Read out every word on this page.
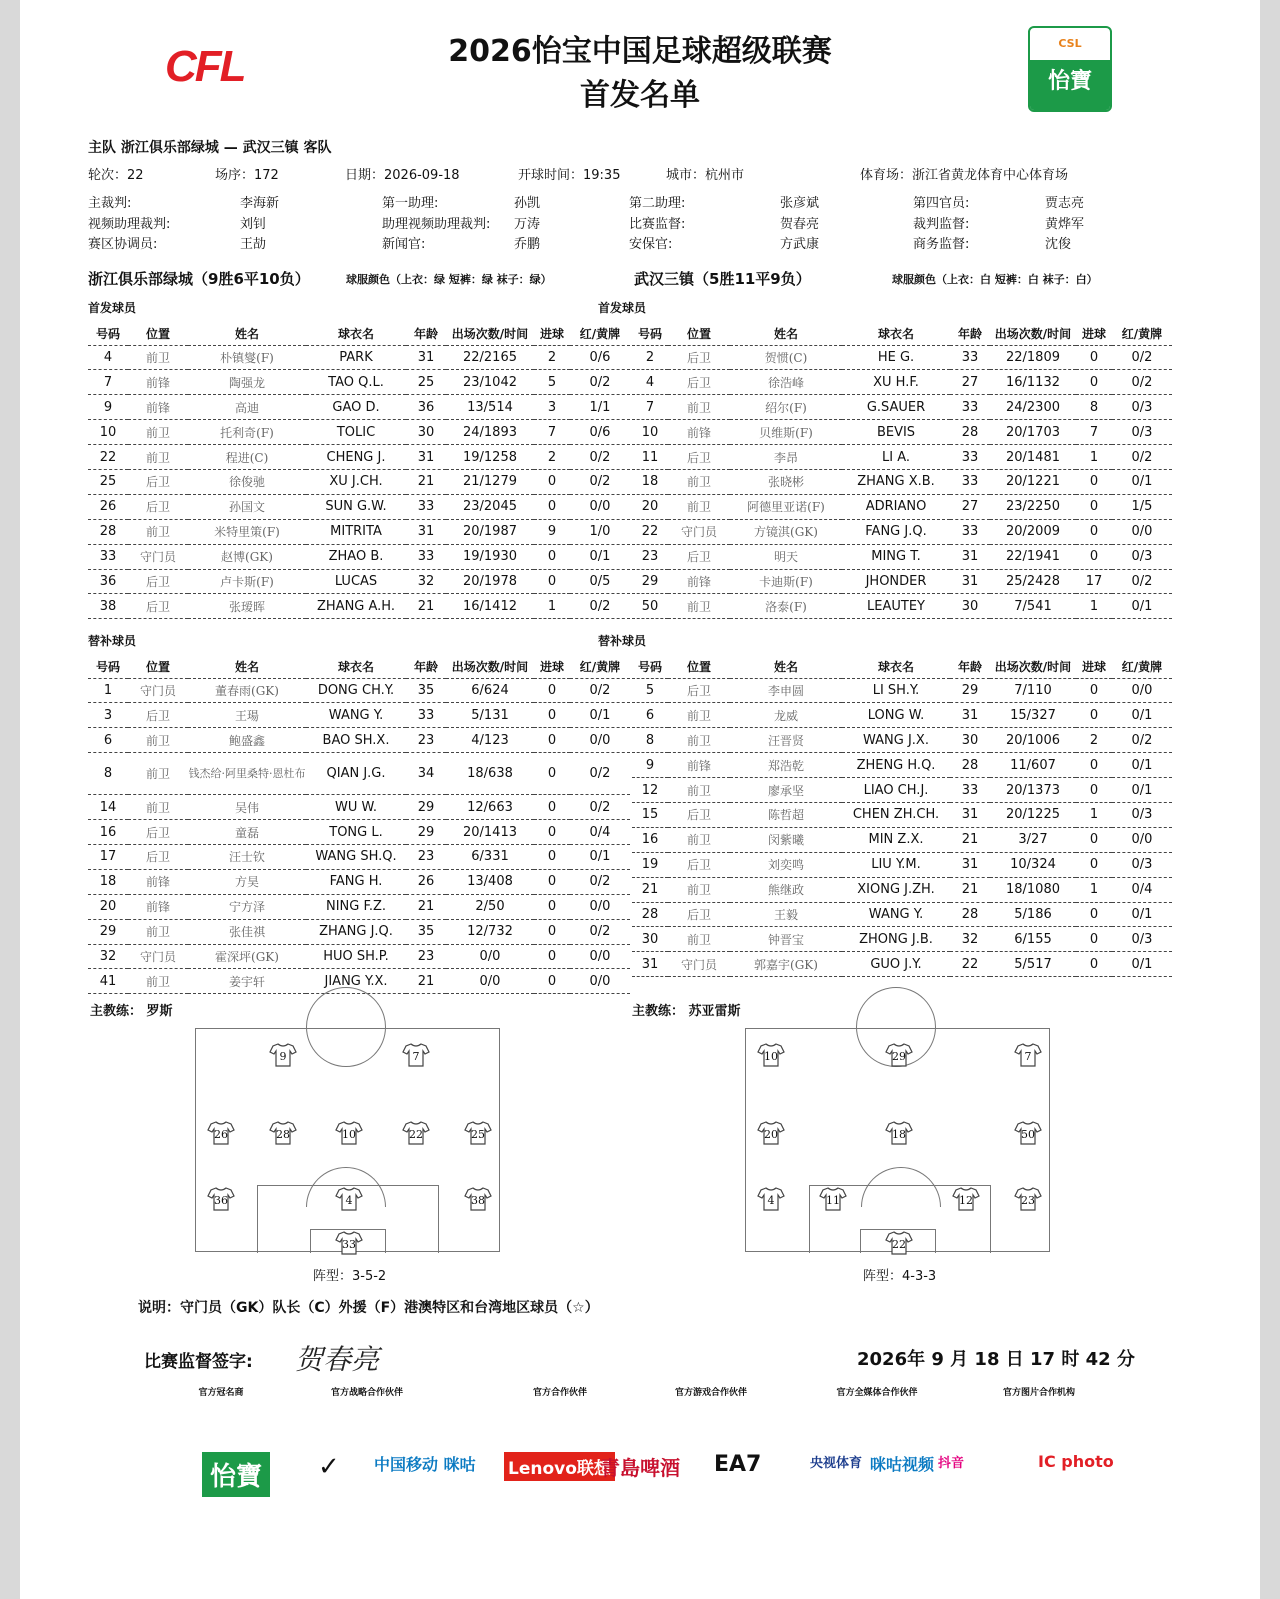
CFL	2026怡宝中国足球超级联赛
首发名单
CSL
怡寶
主队 浙江俱乐部绿城 — 武汉三镇 客队
轮次：22	场序：172	日期：2026-09-18	开球时间：19:35	城市：杭州市	体育场：浙江省黄龙体育中心体育场
主裁判:	李海新	第一助理:	孙凯	第二助理:	张彦斌	第四官员:	贾志亮
视频助理裁判:	刘钊	助理视频助理裁判: 万涛	比赛监督:	贺春亮	裁判监督:	黄烨军
赛区协调员:	王劼	新闻官:	乔鹏	安保官:	方武康	商务监督:	沈俊
浙江俱乐部绿城（9胜6平10负）	球服颜色（上衣：绿 短裤：绿 袜子：绿）	武汉三镇（5胜11平9负）	球服颜色（上衣：白 短裤：白 袜子：白）
首发球员	首发球员
号码	位置	姓名	球衣名	年龄	出场次数/时间	进球	红/黄牌
4	前卫	朴镇燮(F)	PARK	31	22/2165	2	0/6
7	前锋	陶强龙	TAO Q.L.	25	23/1042	5	0/2
9	前锋	高迪	GAO D.	36	13/514	3	1/1
10	前卫	托利奇(F)	TOLIC	30	24/1893	7	0/6
22	前卫	程进(C)	CHENG J.	31	19/1258	2	0/2
25	后卫	徐俊驰	XU J.CH.	21	21/1279	0	0/2
26	后卫	孙国文	SUN G.W.	33	23/2045	0	0/0
28	前卫	米特里策(F)	MITRITA	31	20/1987	9	1/0
33	守门员	赵博(GK)	ZHAO B.	33	19/1930	0	0/1
36	后卫	卢卡斯(F)	LUCAS	32	20/1978	0	0/5
38	后卫	张瑷晖	ZHANG A.H.	21	16/1412	1	0/2
号码	位置	姓名	球衣名	年龄	出场次数/时间	进球	红/黄牌
2	后卫	贺惯(C)	HE G.	33	22/1809	0	0/2
4	后卫	徐浩峰	XU H.F.	27	16/1132	0	0/2
7	前卫	绍尔(F)	G.SAUER	33	24/2300	8	0/3
10	前锋	贝维斯(F)	BEVIS	28	20/1703	7	0/3
11	后卫	李昂	LI A.	33	20/1481	1	0/2
18	前卫	张晓彬	ZHANG X.B.	33	20/1221	0	0/1
20	前卫	阿德里亚诺(F)	ADRIANO	27	23/2250	0	1/5
22	守门员	方镜淇(GK)	FANG J.Q.	33	20/2009	0	0/0
23	后卫	明天	MING T.	31	22/1941	0	0/3
29	前锋	卡迪斯(F)	JHONDER	31	25/2428	17	0/2
50	前卫	洛泰(F)	LEAUTEY	30	7/541	1	0/1
替补球员	替补球员
号码	位置	姓名	球衣名	年龄	出场次数/时间	进球	红/黄牌
1	守门员	董春雨(GK)	DONG CH.Y.	35	6/624	0	0/2
3	后卫	王瑒	WANG Y.	33	5/131	0	0/1
6	前卫	鲍盛鑫	BAO SH.X.	23	4/123	0	0/0
8	前卫	钱杰给·阿里桑特·恩杜布	QIAN J.G.	34	18/638	0	0/2
14	前卫	吴伟	WU W.	29	12/663	0	0/2
16	后卫	童磊	TONG L.	29	20/1413	0	0/4
17	后卫	汪士钦	WANG SH.Q.	23	6/331	0	0/1
18	前锋	方昊	FANG H.	26	13/408	0	0/2
20	前锋	宁方泽	NING F.Z.	21	2/50	0	0/0
29	前卫	张佳祺	ZHANG J.Q.	35	12/732	0	0/2
32	守门员	霍深坪(GK)	HUO SH.P.	23	0/0	0	0/0
41	前卫	姜宇轩	JIANG Y.X.	21	0/0	0	0/0
号码	位置	姓名	球衣名	年龄	出场次数/时间	进球	红/黄牌
5	后卫	李申圆	LI SH.Y.	29	7/110	0	0/0
6	前卫	龙威	LONG W.	31	15/327	0	0/1
8	前卫	汪晋贤	WANG J.X.	30	20/1006	2	0/2
9	前锋	郑浩乾	ZHENG H.Q.	28	11/607	0	0/1
12	前卫	廖承坚	LIAO CH.J.	33	20/1373	0	0/1
15	后卫	陈哲超	CHEN ZH.CH.	31	20/1225	1	0/3
16	前卫	闵紫曦	MIN Z.X.	21	3/27	0	0/0
19	后卫	刘奕鸣	LIU Y.M.	31	10/324	0	0/3
21	前卫	熊继政	XIONG J.ZH.	21	18/1080	1	0/4
28	后卫	王毅	WANG Y.	28	5/186	0	0/1
30	前卫	钟晋宝	ZHONG J.B.	32	6/155	0	0/3
31	守门员	郭嘉宇(GK)	GUO J.Y.	22	5/517	0	0/1
主教练： 罗斯	主教练： 苏亚雷斯
9	7
26	28	10	22	25
36	4	38
33
10	29	7
20	18	50
4	11	12	23
22
阵型：3-5-2	阵型：4-3-3
说明：守门员（GK）队长（C）外援（F）港澳特区和台湾地区球员（☆）
比赛监督签字: 贺春亮	2026年 9 月 18 日 17 时 42 分
官方冠名商	官方战略合作伙伴	官方合作伙伴	官方游戏合作伙伴	官方全媒体合作伙伴	官方图片合作机构
怡寶	✓ 中国移动 咪咕 Lenovo联想
青島啤酒 EA7	央视体育 咪咕视频 抖音	IC photo
